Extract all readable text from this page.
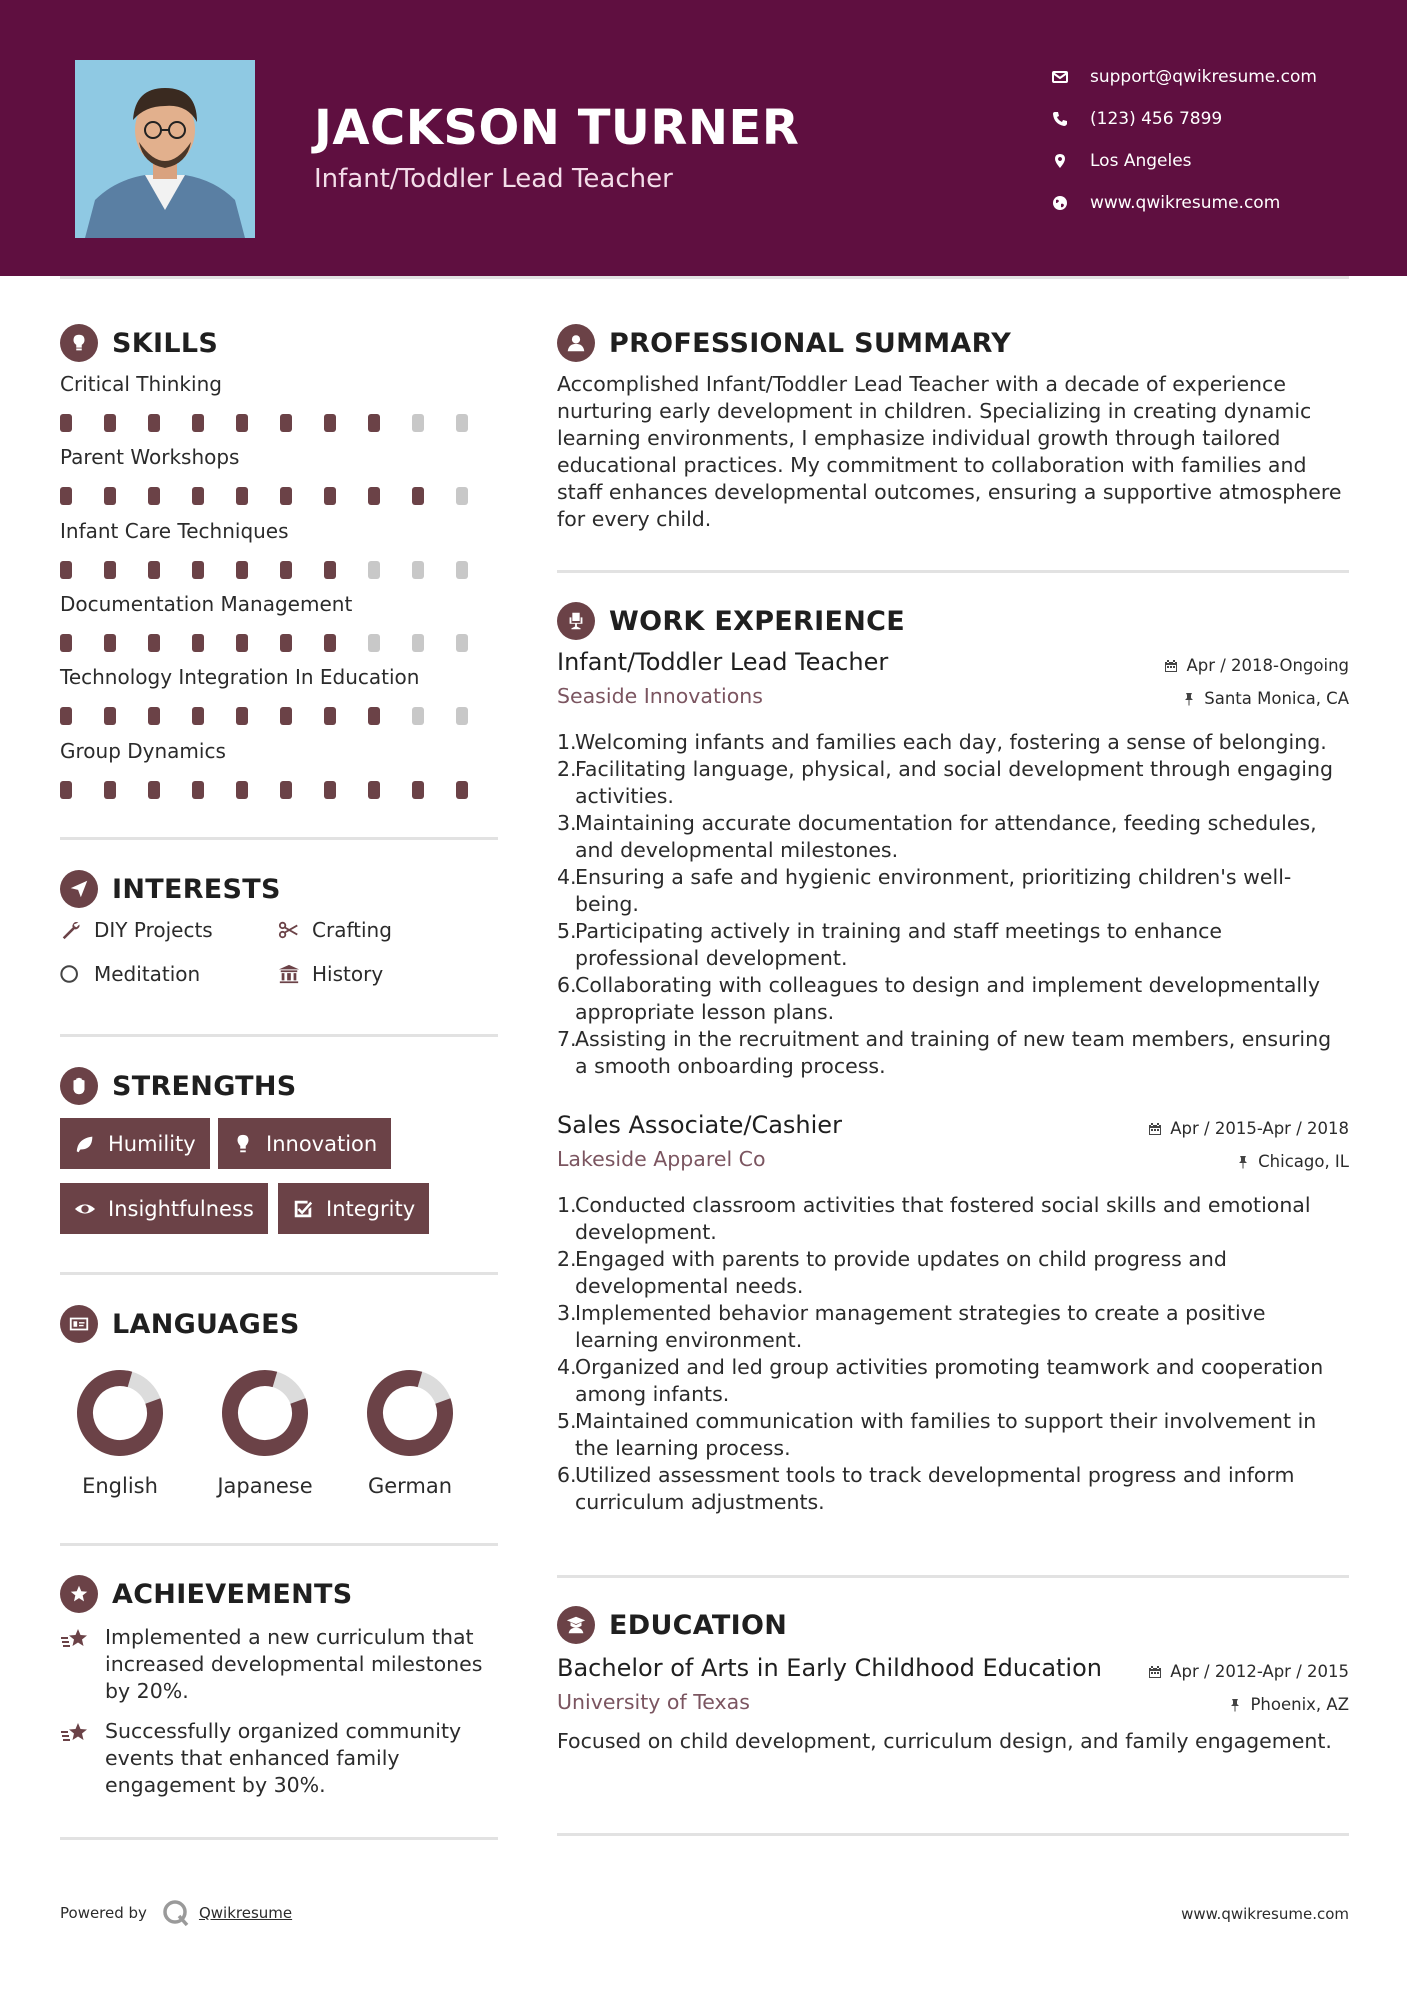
JACKSON TURNER
Infant/Toddler Lead Teacher
support@qwikresume.com
(123) 456 7899
Los Angeles
www.qwikresume.com
SKILLS
Critical Thinking
Parent Workshops
Infant Care Techniques
Documentation Management
Technology Integration In Education
Group Dynamics
INTERESTS
DIY Projects	Crafting
Meditation	History
STRENGTHS
Humility	Innovation
Insightfulness	Integrity
LANGUAGES
English	Japanese	German
ACHIEVEMENTS
Implemented a new curriculum that increased developmental milestones by 20%.
Successfully organized community events that enhanced family engagement by 30%.
PROFESSIONAL SUMMARY
Accomplished Infant/Toddler Lead Teacher with a decade of experience nurturing early development in children. Specializing in creating dynamic learning environments, I emphasize individual growth through tailored educational practices. My commitment to collaboration with families and staff enhances developmental outcomes, ensuring a supportive atmosphere for every child.
WORK EXPERIENCE
Infant/Toddler Lead Teacher
Seaside Innovations
Apr / 2018-Ongoing
Santa Monica, CA
1.
Welcoming infants and families each day, fostering a sense of belonging.
2.
Facilitating language, physical, and social development through engaging activities.
3.
Maintaining accurate documentation for attendance, feeding schedules, and developmental milestones.
4.
Ensuring a safe and hygienic environment, prioritizing children's well-being.
5.
Participating actively in training and staff meetings to enhance professional development.
6.
Collaborating with colleagues to design and implement developmentally appropriate lesson plans.
7.
Assisting in the recruitment and training of new team members, ensuring a smooth onboarding process.
Sales Associate/Cashier
Lakeside Apparel Co
Apr / 2015-Apr / 2018
Chicago, IL
1.
Conducted classroom activities that fostered social skills and emotional development.
2.
Engaged with parents to provide updates on child progress and developmental needs.
3.
Implemented behavior management strategies to create a positive learning environment.
4.
Organized and led group activities promoting teamwork and cooperation among infants.
5.
Maintained communication with families to support their involvement in the learning process.
6.
Utilized assessment tools to track developmental progress and inform curriculum adjustments.
EDUCATION
Bachelor of Arts in Early Childhood Education
University of Texas
Apr / 2012-Apr / 2015
Phoenix, AZ
Focused on child development, curriculum design, and family engagement.
Powered by	Qwikresume	www.qwikresume.com
